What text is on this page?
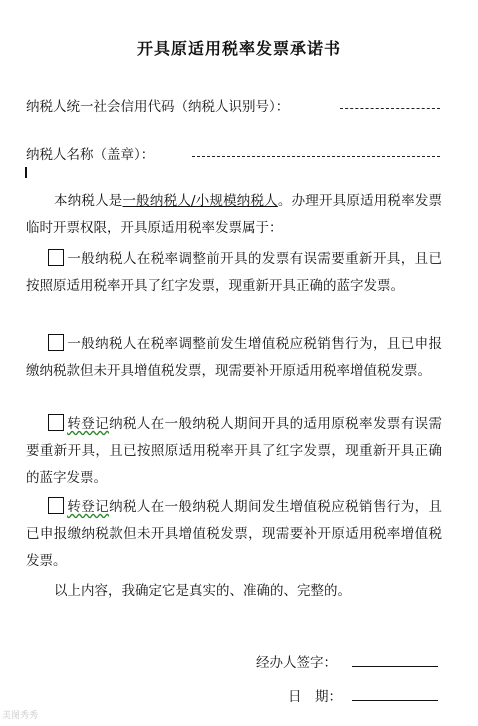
开具原适用税率发票承诺书
纳税人统一社会信用代码（纳税人识别号）：
纳税人名称（盖章）：
本纳税人是一般纳税人/小规模纳税人。办理开具原适用税率发票临时开票权限，开具原适用税率发票属于：
一般纳税人在税率调整前开具的发票有误需要重新开具，且已按照原适用税率开具了红字发票，现重新开具正确的蓝字发票。
一般纳税人在税率调整前发生增值税应税销售行为，且已申报缴纳税款但未开具增值税发票，现需要补开原适用税率增值税发票。
转登记纳税人在一般纳税人期间开具的适用原税率发票有误需要重新开具，且已按照原适用税率开具了红字发票，现重新开具正确的蓝字发票。
转登记纳税人在一般纳税人期间发生增值税应税销售行为，且已申报缴纳税款但未开具增值税发票，现需要补开原适用税率增值税发票。
以上内容，我确定它是真实的、准确的、完整的。
经办人签字：
日　期：
美图秀秀
